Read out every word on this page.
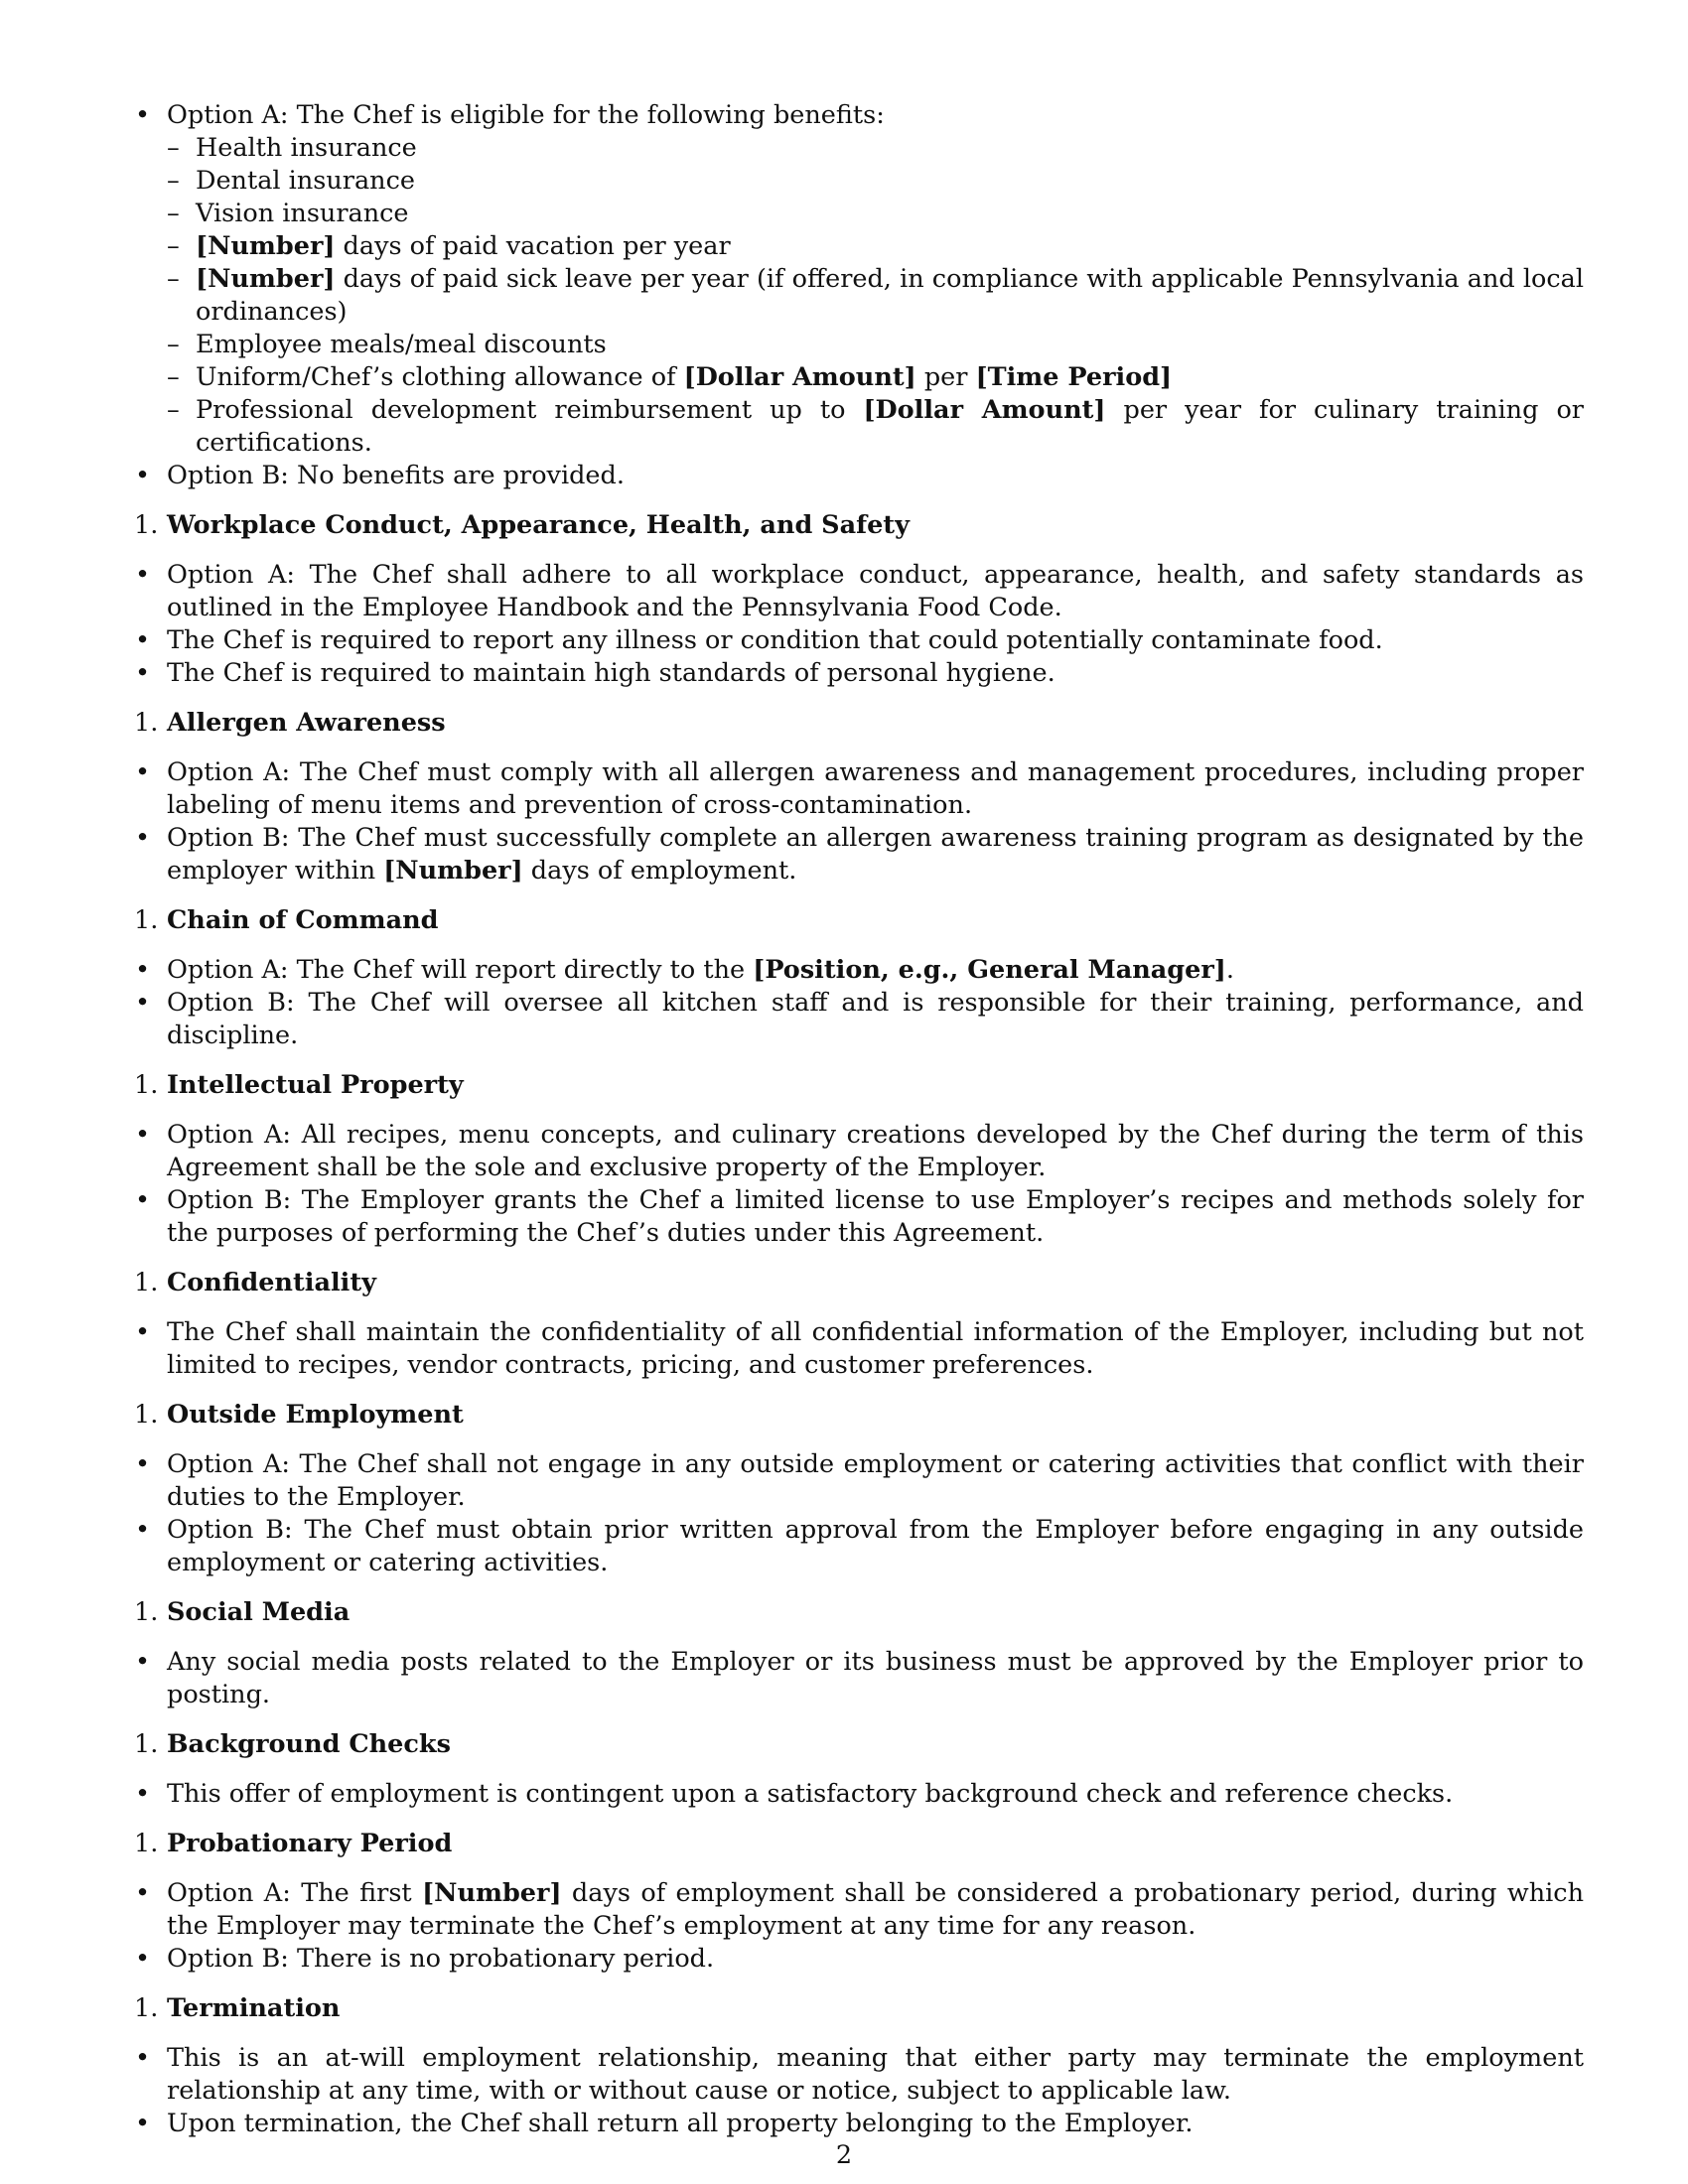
• Option A: The Chef is eligible for the following benefits:
– Health insurance
– Dental insurance
– Vision insurance
– [Number] days of paid vacation per year
– [Number] days of paid sick leave per year (if offered, in compliance with applicable Pennsylvania and local ordinances)
– Employee meals/meal discounts
– Uniform/Chef’s clothing allowance of [Dollar Amount] per [Time Period]
– Professional development reimbursement up to [Dollar Amount] per year for culinary training or certifications.
• Option B: No benefits are provided.
1. Workplace Conduct, Appearance, Health, and Safety
• Option A: The Chef shall adhere to all workplace conduct, appearance, health, and safety standards as outlined in the Employee Handbook and the Pennsylvania Food Code.
• The Chef is required to report any illness or condition that could potentially contaminate food.
• The Chef is required to maintain high standards of personal hygiene.
1. Allergen Awareness
• Option A: The Chef must comply with all allergen awareness and management procedures, including proper labeling of menu items and prevention of cross-contamination.
• Option B: The Chef must successfully complete an allergen awareness training program as designated by the employer within [Number] days of employment.
1. Chain of Command
• Option A: The Chef will report directly to the [Position, e.g., General Manager].
• Option B: The Chef will oversee all kitchen staff and is responsible for their training, performance, and discipline.
1. Intellectual Property
• Option A: All recipes, menu concepts, and culinary creations developed by the Chef during the term of this Agreement shall be the sole and exclusive property of the Employer.
• Option B: The Employer grants the Chef a limited license to use Employer’s recipes and methods solely for the purposes of performing the Chef’s duties under this Agreement.
1. Confidentiality
• The Chef shall maintain the confidentiality of all confidential information of the Employer, including but not limited to recipes, vendor contracts, pricing, and customer preferences.
1. Outside Employment
• Option A: The Chef shall not engage in any outside employment or catering activities that conflict with their duties to the Employer.
• Option B: The Chef must obtain prior written approval from the Employer before engaging in any outside employment or catering activities.
1. Social Media
• Any social media posts related to the Employer or its business must be approved by the Employer prior to posting.
1. Background Checks
• This offer of employment is contingent upon a satisfactory background check and reference checks.
1. Probationary Period
• Option A: The first [Number] days of employment shall be considered a probationary period, during which the Employer may terminate the Chef’s employment at any time for any reason.
• Option B: There is no probationary period.
1. Termination
• This is an at-will employment relationship, meaning that either party may terminate the employment relationship at any time, with or without cause or notice, subject to applicable law.
• Upon termination, the Chef shall return all property belonging to the Employer.
2
